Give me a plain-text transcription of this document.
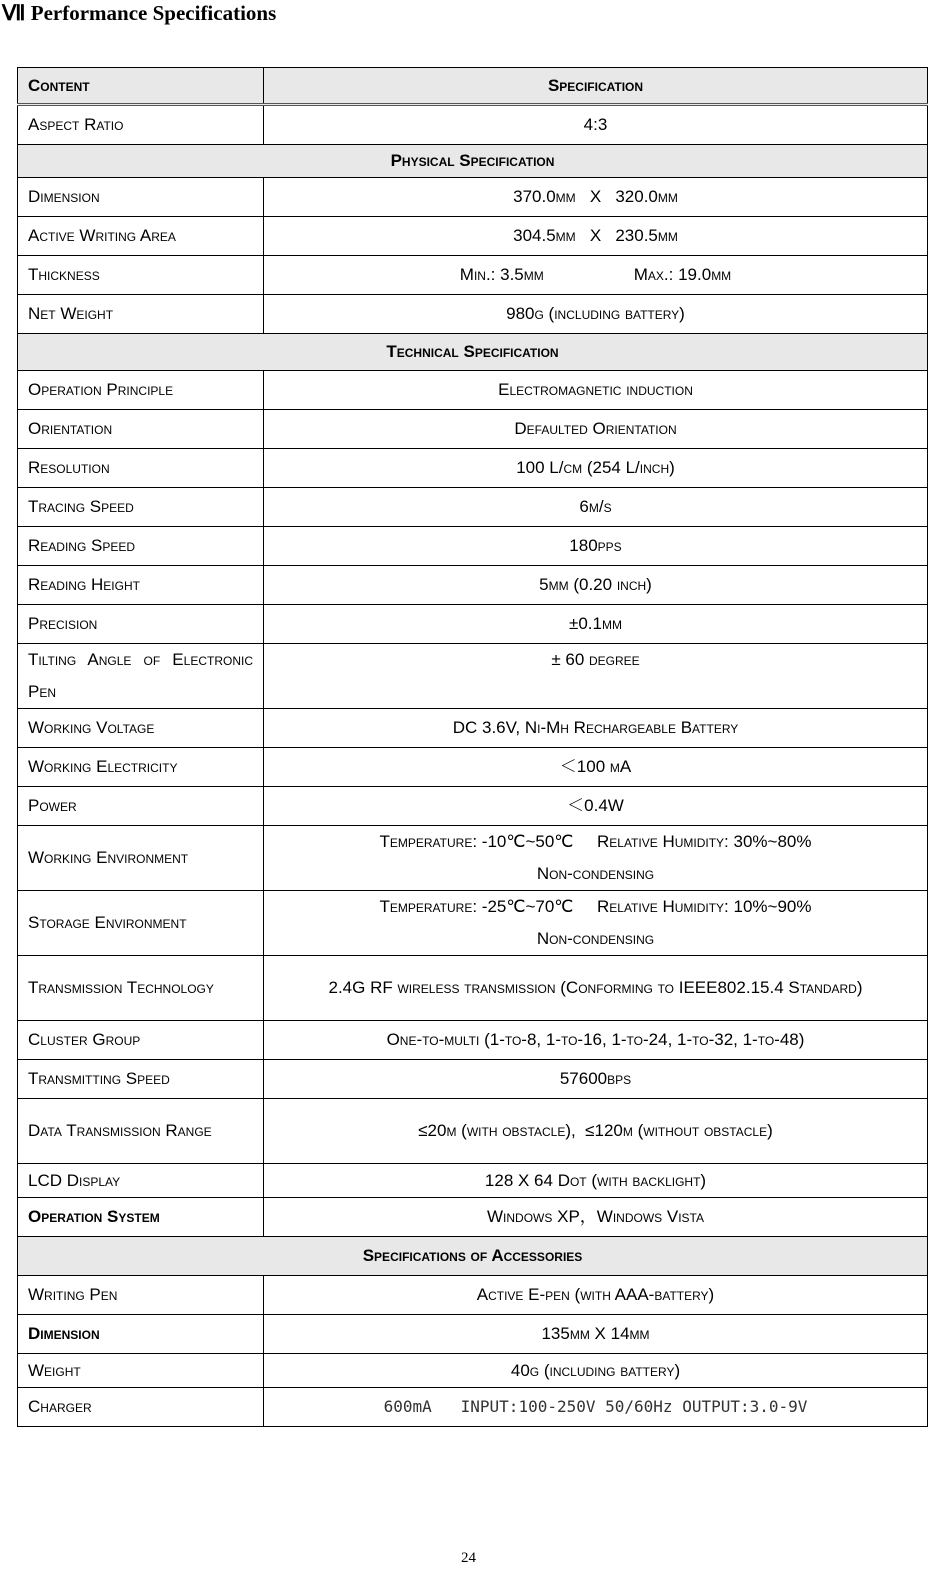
Ⅶ Performance Specifications
Content	Specification
Aspect Ratio	4:3
Physical Specification	
Dimension	370.0mm   X   320.0mm
Active Writing Area	304.5mm   X   230.5mm
Thickness	Min.: 3.5mm Max.: 19.0mm
Net Weight	980g (including battery)
Technical Specification	
Operation Principle	Electromagnetic induction
Orientation	Defaulted Orientation
Resolution	100 L/cm (254 L/inch)
Tracing Speed	6m/s
Reading Speed	180pps
Reading Height	5mm (0.20 inch)
Precision	±0.1mm
Tilting Angle of Electronic Pen	± 60 degree
Working Voltage	DC 3.6V, Ni-Mh Rechargeable Battery
Working Electricity	＜100 mA
Power	＜0.4W
Working Environment	Temperature: -10℃~50℃     Relative Humidity: 30%~80%
Non-condensing

Storage Environment	Temperature: -25℃~70℃     Relative Humidity: 10%~90%
Non-condensing

Transmission Technology	2.4G RF wireless transmission (Conforming to IEEE802.15.4 Standard)
Cluster Group	One-to-multi (1-to-8, 1-to-16, 1-to-24, 1-to-32, 1-to-48)
Transmitting Speed	57600bps
Data Transmission Range	≤20m (with obstacle),  ≤120m (without obstacle)
LCD Display	128 X 64 Dot (with backlight)
Operation System	Windows XP，Windows Vista
Specifications of Accessories	
Writing Pen	Active E-pen (with AAA-battery)
Dimension	135mm X 14mm
Weight	40g (including battery)
Charger	600mA   INPUT:100-250V 50/60Hz OUTPUT:3.0-9V
24
